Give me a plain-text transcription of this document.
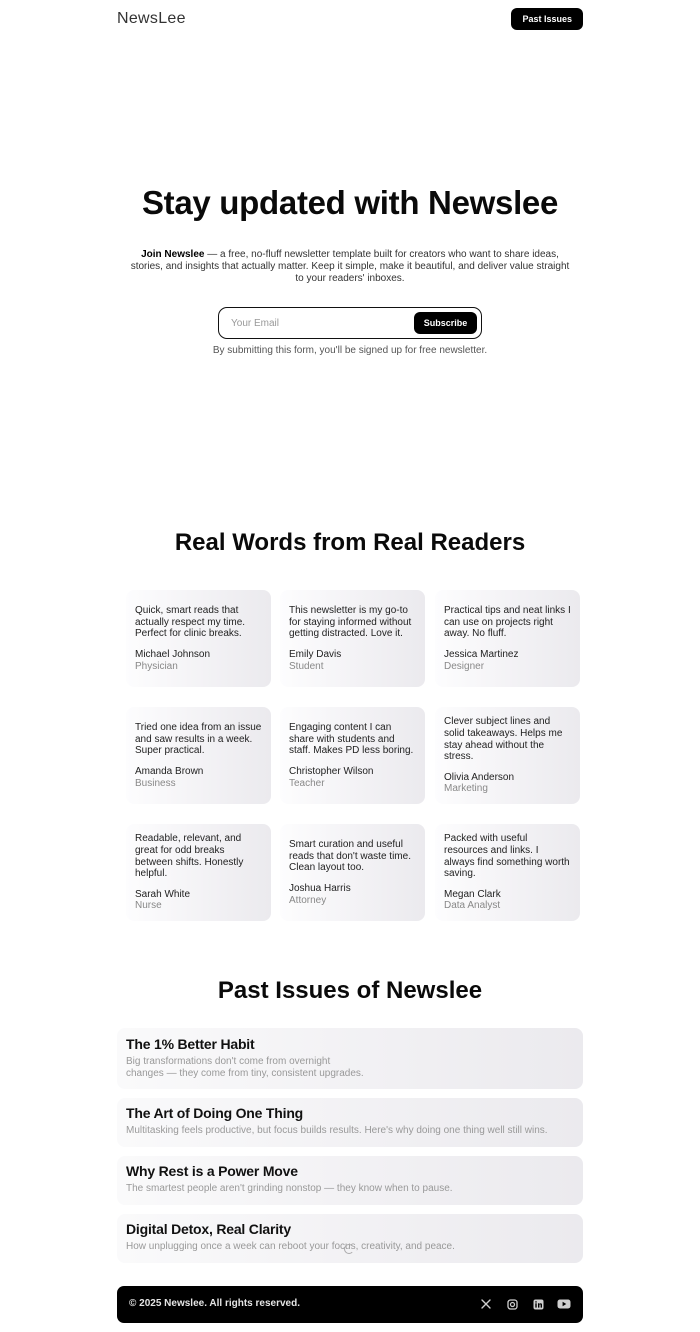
NewsLee	Past Issues
Stay updated with Newslee

Join Newslee — a free, no-fluff newsletter template built for creators who want to share ideas, stories, and insights that actually matter. Keep it simple, make it beautiful, and deliver value straight to your readers' inboxes.

Your Email
Subscribe

By submitting this form, you'll be signed up for free newsletter.

Real Words from Real Readers

Quick, smart reads that actually respect my time. Perfect for clinic breaks.

Michael Johnson

Physician

This newsletter is my go-to for staying informed without getting distracted. Love it.

Emily Davis

Student

Practical tips and neat links I can use on projects right away. No fluff.

Jessica Martinez

Designer

Tried one idea from an issue and saw results in a week. Super practical.

Amanda Brown

Business

Engaging content I can share with students and staff. Makes PD less boring.

Christopher Wilson

Teacher

Clever subject lines and solid takeaways. Helps me stay ahead without the stress.

Olivia Anderson

Marketing

Readable, relevant, and great for odd breaks between shifts. Honestly helpful.

Sarah White

Nurse

Smart curation and useful reads that don't waste time. Clean layout too.

Joshua Harris

Attorney

Packed with useful resources and links. I always find something worth saving.

Megan Clark

Data Analyst

Past Issues of Newslee
The 1% Better Habit

Big transformations don't come from overnight changes — they come from tiny, consistent upgrades.

The Art of Doing One Thing

Multitasking feels productive, but focus builds results. Here's why doing one thing well still wins.

Why Rest is a Power Move

The smartest people aren't grinding nonstop — they know when to pause.

Digital Detox, Real Clarity

How unplugging once a week can reboot your focus, creativity, and peace.

© 2025 Newslee. All rights reserved.
